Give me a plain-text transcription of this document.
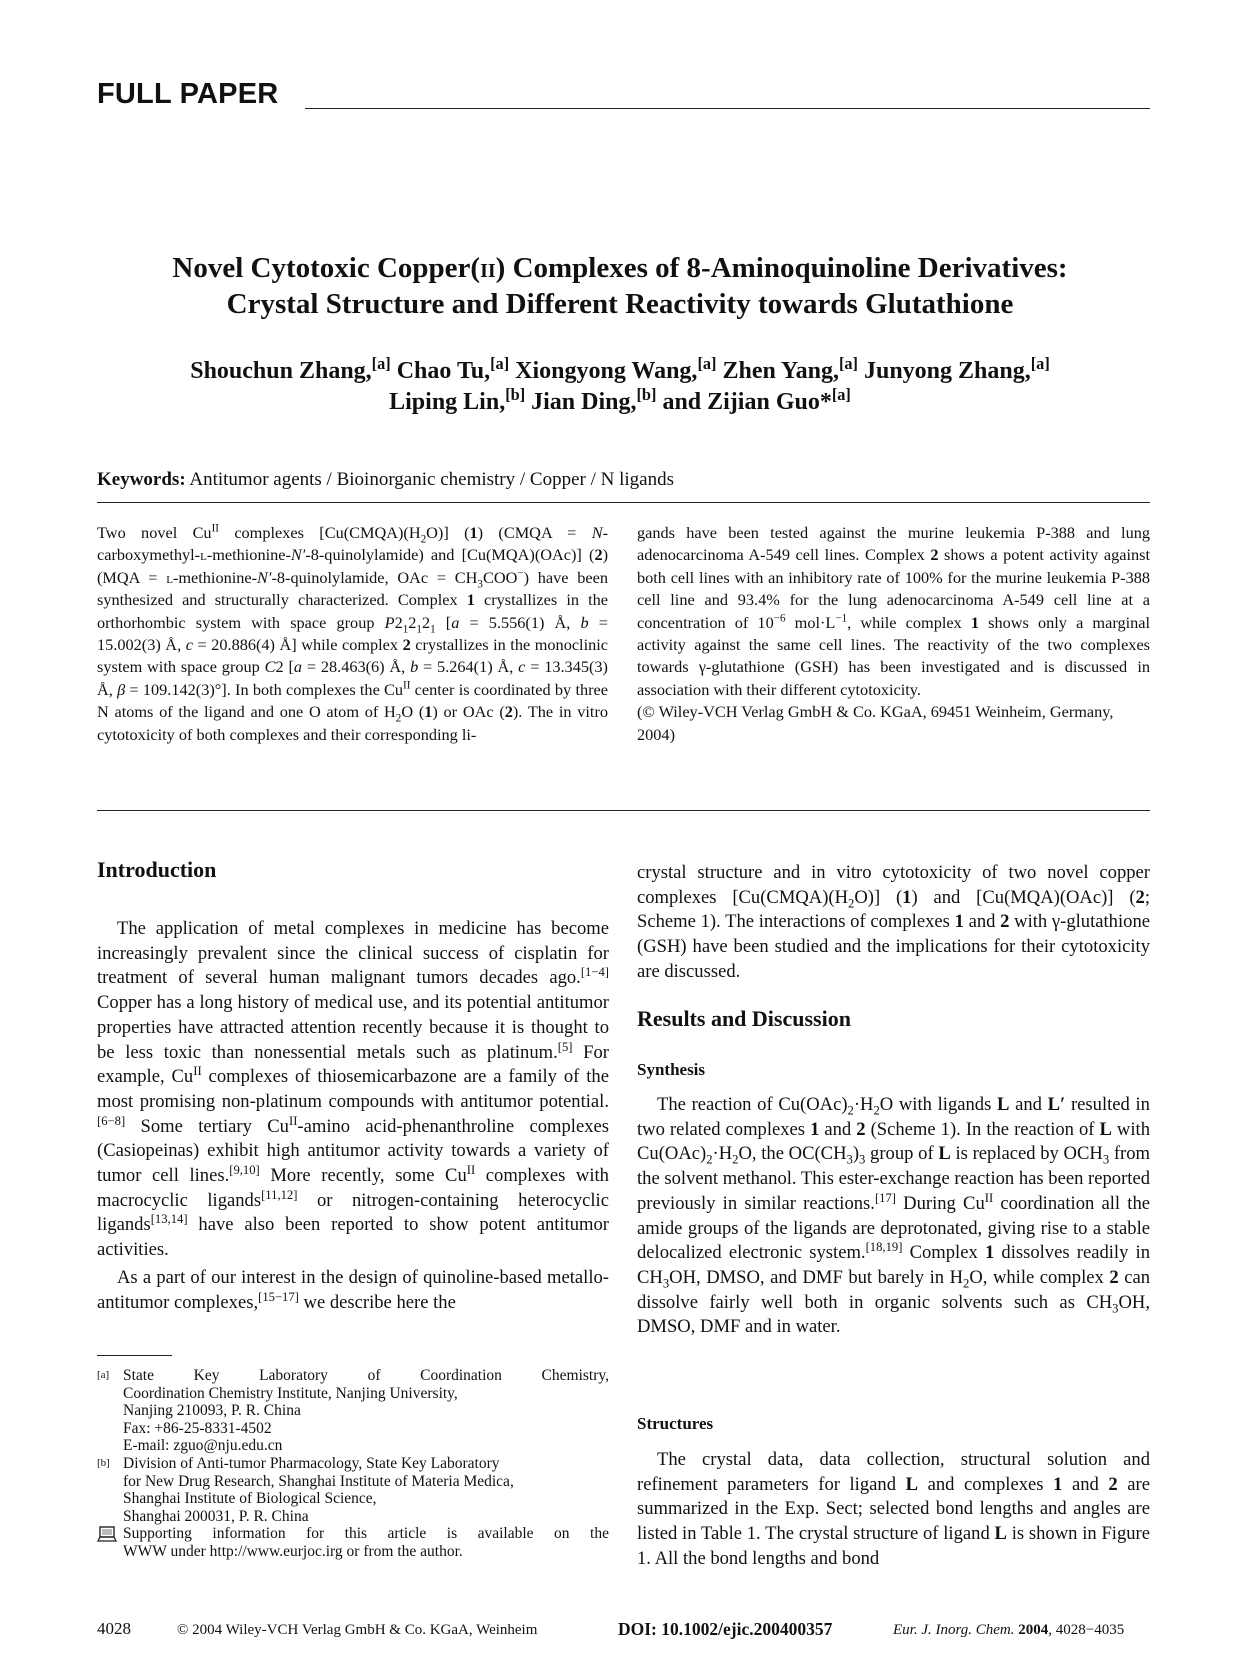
FULL PAPER
Novel Cytotoxic Copper(ii) Complexes of 8-Aminoquinoline Derivatives:
Crystal Structure and Different Reactivity towards Glutathione
Shouchun Zhang,[a] Chao Tu,[a] Xiongyong Wang,[a] Zhen Yang,[a] Junyong Zhang,[a]
Liping Lin,[b] Jian Ding,[b] and Zijian Guo*[a]
Keywords: Antitumor agents / Bioinorganic chemistry / Copper / N ligands

Two novel $Cu^{II}$ complexes $[Cu(CMQA)(H_2O)]$ (1) (CMQA = N-carboxymethyl-l-methionine-N′-8-quinolylamide) and [Cu(MQA)(OAc)] (2) (MQA = l-methionine-N′-8-quinolylamide, OAc = $CH_3COO^-$) have been synthesized and structurally characterized. Complex 1 crystallizes in the orthorhombic system with space group $P2_12_12_1$ [a = 5.556(1) Å, b = 15.002(3) Å, c = 20.886(4) Å] while complex 2 crystallizes in the monoclinic system with space group C2 [a = 28.463(6) Å, b = 5.264(1) Å, c = 13.345(3) Å, β = 109.142(3)°]. In both complexes the $Cu^{II}$ center is coordinated by three N atoms of the ligand and one O atom of $H_2O$ (1) or OAc (2). The in vitro cytotoxicity of both complexes and their corresponding li-

gands have been tested against the murine leukemia P-388 and lung adenocarcinoma A-549 cell lines. Complex 2 shows a potent activity against both cell lines with an inhibitory rate of 100% for the murine leukemia P-388 cell line and 93.4% for the lung adenocarcinoma A-549 cell line at a concentration of $10^{-6}$ $mol\cdot L^{-1}$, while complex 1 shows only a marginal activity against the same cell lines. The reactivity of the two complexes towards γ-glutathione (GSH) has been investigated and is discussed in association with their different cytotoxicity.

(© Wiley-VCH Verlag GmbH & Co. KGaA, 69451 Weinheim, Germany, 2004)

Introduction

The application of metal complexes in medicine has become increasingly prevalent since the clinical success of cisplatin for treatment of several human malignant tumors decades ago.[1−4] Copper has a long history of medical use, and its potential antitumor properties have attracted attention recently because it is thought to be less toxic than nonessential metals such as platinum.[5] For example, $Cu^{II}$ complexes of thiosemicarbazone are a family of the most promising non-platinum compounds with antitumor potential.[6−8] Some tertiary $Cu^{II}$-amino acid-phenanthroline complexes (Casiopeinas) exhibit high antitumor activity towards a variety of tumor cell lines.[9,10] More recently, some $Cu^{II}$ complexes with macrocyclic ligands[11,12] or nitrogen-containing heterocyclic ligands[13,14] have also been reported to show potent antitumor activities.

As a part of our interest in the design of quinoline-based metallo-antitumor complexes,[15−17] we describe here the

[a] State Key Laboratory of Coordination Chemistry,

Coordination Chemistry Institute, Nanjing University,

Nanjing 210093, P. R. China

Fax: +86-25-8331-4502

E-mail: zguo@nju.edu.cn

[b] Division of Anti-tumor Pharmacology, State Key Laboratory

for New Drug Research, Shanghai Institute of Materia Medica,

Shanghai Institute of Biological Science,

Shanghai 200031, P. R. China

Supporting information for this article is available on the

WWW under http://www.eurjoc.irg or from the author.

crystal structure and in vitro cytotoxicity of two novel copper complexes $[Cu(CMQA)(H_2O)]$ (1) and [Cu(MQA)(OAc)] (2; Scheme 1). The interactions of complexes 1 and 2 with γ-glutathione (GSH) have been studied and the implications for their cytotoxicity are discussed.

Results and Discussion
Synthesis

The reaction of $Cu(OAc)_2\cdot H_2O$ with ligands L and L′ resulted in two related complexes 1 and 2 (Scheme 1). In the reaction of L with $Cu(OAc)_2\cdot H_2O$, the $OC(CH_3)_3$ group of L is replaced by $OCH_3$ from the solvent methanol. This ester-exchange reaction has been reported previously in similar reactions.[17] During $Cu^{II}$ coordination all the amide groups of the ligands are deprotonated, giving rise to a stable delocalized electronic system.[18,19] Complex 1 dissolves readily in $CH_3OH$, DMSO, and DMF but barely in $H_2O$, while complex 2 can dissolve fairly well both in organic solvents such as $CH_3OH$, DMSO, DMF and in water.

Structures

The crystal data, data collection, structural solution and refinement parameters for ligand L and complexes 1 and 2 are summarized in the Exp. Sect; selected bond lengths and angles are listed in Table 1. The crystal structure of ligand L is shown in Figure 1. All the bond lengths and bond

4028	© 2004 Wiley-VCH Verlag GmbH & Co. KGaA, Weinheim	DOI: 10.1002/ejic.200400357	Eur. J. Inorg. Chem. 2004, 4028−4035
